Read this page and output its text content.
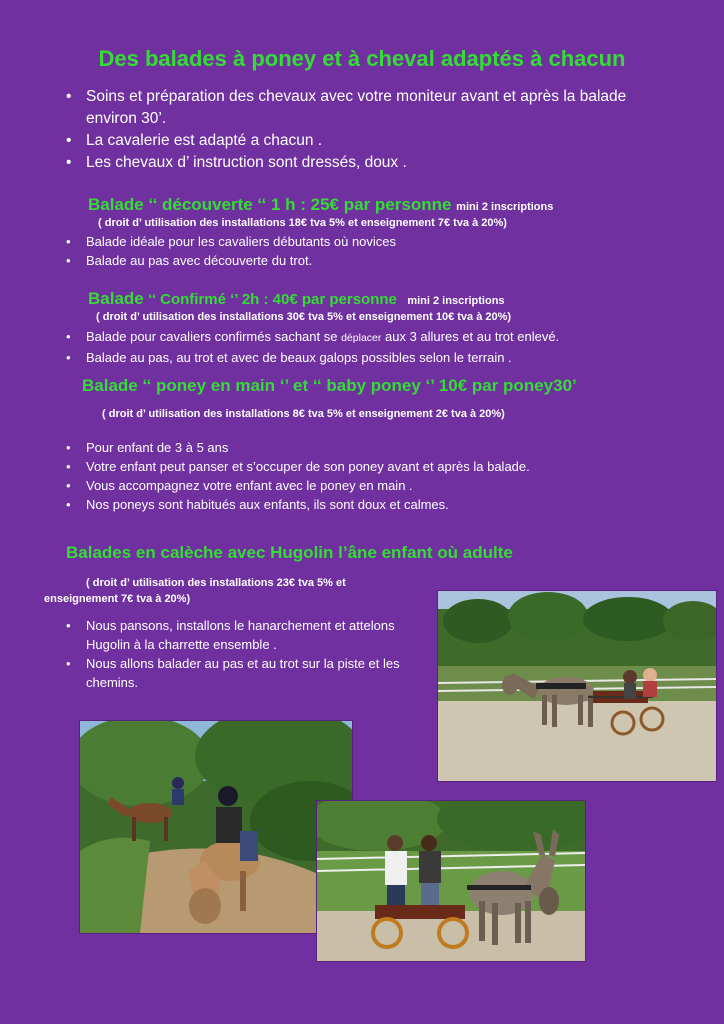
Des balades à poney et à cheval adaptés à chacun
• Soins et préparation des chevaux avec votre moniteur avant et après la balade environ 30’.
• La cavalerie est adapté a chacun .
• Les chevaux d’ instruction sont dressés, doux .
Balade ‘‘ découverte ‘‘ 1 h : 25€ par personne mini 2 inscriptions
( droit d’ utilisation des installations 18€ tva 5% et enseignement 7€ tva à 20%)
• Balade idéale pour les cavaliers débutants où novices
• Balade au pas avec découverte du trot.
Balade ‘‘ Confirmé ‘’ 2h : 40€ par personne mini 2 inscriptions
( droit d’ utilisation des installations 30€ tva 5% et enseignement 10€ tva à 20%)
• Balade pour cavaliers confirmés sachant se déplacer aux 3 allures et au trot enlevé.
• Balade au pas, au trot et avec de beaux galops possibles selon le terrain .
Balade ‘‘ poney en main ‘’ et ‘‘ baby poney ‘’ 10€ par poney30’
( droit d’ utilisation des installations 8€ tva 5% et enseignement 2€ tva à 20%)
• Pour enfant de 3 à 5 ans
• Votre enfant peut panser et s’occuper de son poney avant et après la balade.
• Vous accompagnez votre enfant avec le poney en main .
• Nos poneys sont habitués aux enfants, ils sont doux et calmes.
Balades en calèche avec Hugolin l’âne enfant où adulte
( droit d’ utilisation des installations 23€ tva 5% et
enseignement 7€ tva à 20%)
• Nous pansons, installons le hanarchement et attelons Hugolin à la charrette ensemble .
• Nous allons balader au pas et au trot sur la piste et les chemins.
